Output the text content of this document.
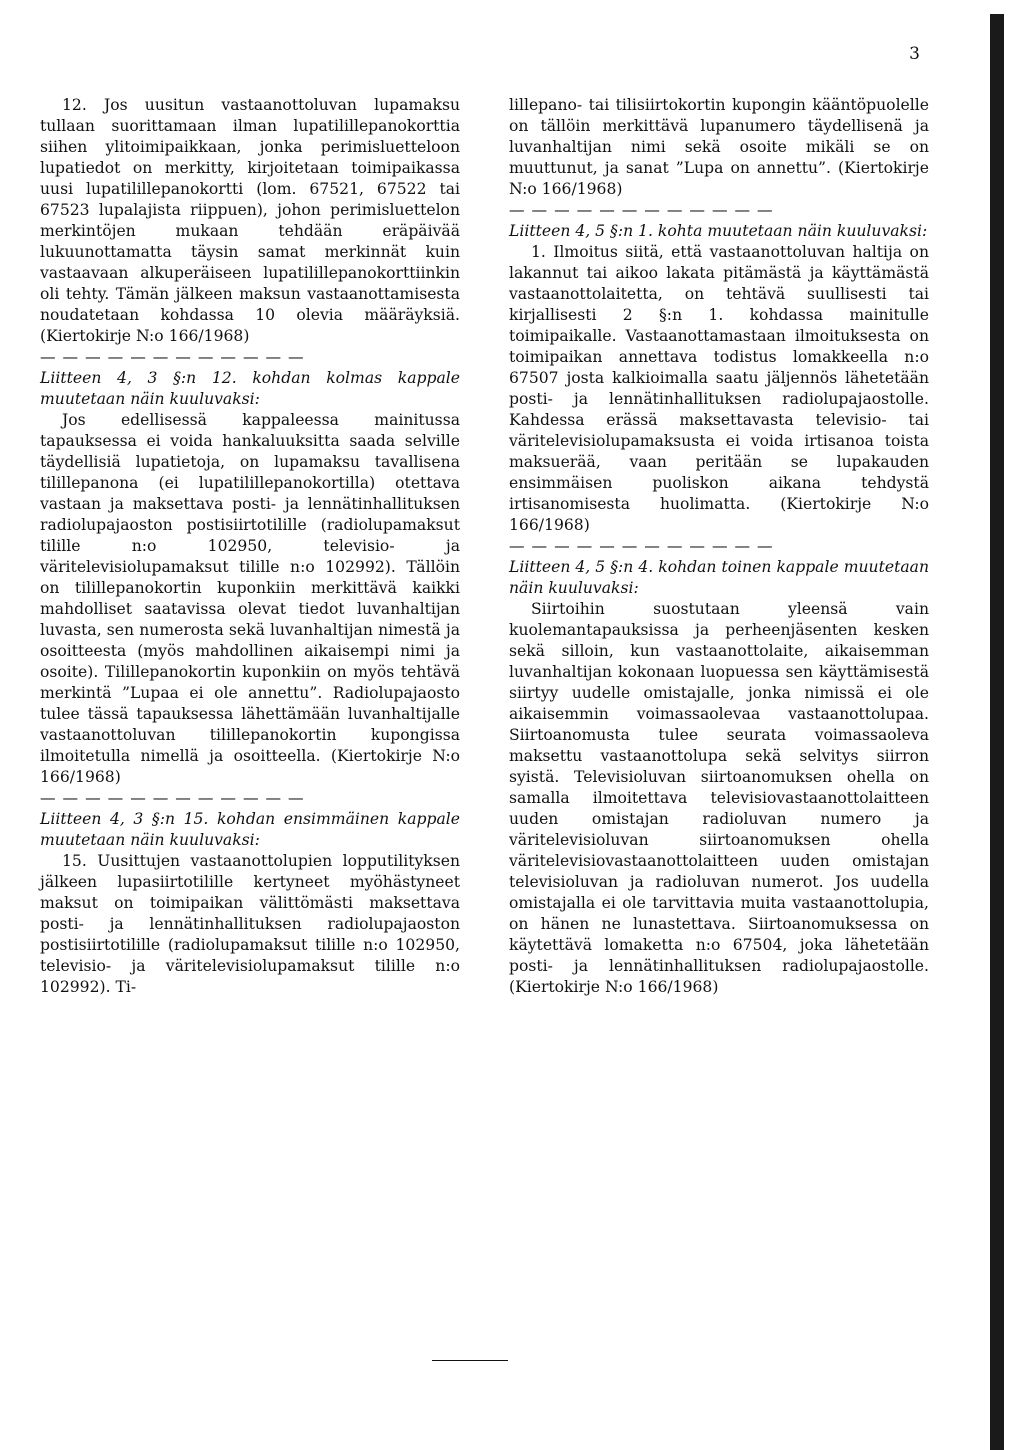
3

12. Jos uusitun vastaanottoluvan lupamaksu tullaan suorittamaan ilman lupatilillepanokorttia siihen ylitoimipaikkaan, jonka perimisluetteloon lupatiedot on merkitty, kirjoitetaan toimipaikassa uusi lupatilillepanokortti (lom. 67521, 67522 tai 67523 lupalajista riippuen), johon perimisluettelon merkintöjen mukaan tehdään eräpäivää lukuunottamatta täysin samat merkinnät kuin vastaavaan alkuperäiseen lupatilillepanokorttiinkin oli tehty. Tämän jälkeen maksun vastaanottamisesta noudatetaan kohdassa 10 olevia määräyksiä. (Kiertokirje N:o 166/1968)

— — — — — — — — — — — —

Liitteen 4, 3 §:n 12. kohdan kolmas kappale muutetaan näin kuuluvaksi:

Jos edellisessä kappaleessa mainitussa tapauksessa ei voida hankaluuksitta saada selville täydellisiä lupatietoja, on lupamaksu tavallisena tilillepanona (ei lupatilillepanokortilla) otettava vastaan ja maksettava posti- ja lennätinhallituksen radiolupajaoston postisiirtotilille (radiolupamaksut tilille n:o 102950, televisio- ja väritelevisiolupamaksut tilille n:o 102992). Tällöin on tilillepanokortin kuponkiin merkittävä kaikki mahdolliset saatavissa olevat tiedot luvanhaltijan luvasta, sen numerosta sekä luvanhaltijan nimestä ja osoitteesta (myös mahdollinen aikaisempi nimi ja osoite). Tilillepanokortin kuponkiin on myös tehtävä merkintä ”Lupaa ei ole annettu”. Radiolupajaosto tulee tässä tapauksessa lähettämään luvanhaltijalle vastaanottoluvan tilillepanokortin kupongissa ilmoitetulla nimellä ja osoitteella. (Kiertokirje N:o 166/1968)

— — — — — — — — — — — —

Liitteen 4, 3 §:n 15. kohdan ensimmäinen kappale muutetaan näin kuuluvaksi:

15. Uusittujen vastaanottolupien lopputilityksen jälkeen lupasiirtotilille kertyneet myöhästyneet maksut on toimipaikan välittömästi maksettava posti- ja lennätinhallituksen radiolupajaoston postisiirtotilille (radiolupamaksut tilille n:o 102950, televisio- ja väritelevisiolupamaksut tilille n:o 102992). Ti-

lillepano- tai tilisiirtokortin kupongin kääntöpuolelle on tällöin merkittävä lupanumero täydellisenä ja luvanhaltijan nimi sekä osoite mikäli se on muuttunut, ja sanat ”Lupa on annettu”. (Kiertokirje N:o 166/1968)

— — — — — — — — — — — —

Liitteen 4, 5 §:n 1. kohta muutetaan näin kuuluvaksi:

1. Ilmoitus siitä, että vastaanottoluvan haltija on lakannut tai aikoo lakata pitämästä ja käyttämästä vastaanottolaitetta, on tehtävä suullisesti tai kirjallisesti 2 §:n 1. kohdassa mainitulle toimipaikalle. Vastaanottamastaan ilmoituksesta on toimipaikan annettava todistus lomakkeella n:o 67507 josta kalkioimalla saatu jäljennös lähetetään posti- ja lennätinhallituksen radiolupajaostolle. Kahdessa erässä maksettavasta televisio- tai väritelevisiolupamaksusta ei voida irtisanoa toista maksuerää, vaan peritään se lupakauden ensimmäisen puoliskon aikana tehdystä irtisanomisesta huolimatta. (Kiertokirje N:o 166/1968)

— — — — — — — — — — — —

Liitteen 4, 5 §:n 4. kohdan toinen kappale muutetaan näin kuuluvaksi:

Siirtoihin suostutaan yleensä vain kuolemantapauksissa ja perheenjäsenten kesken sekä silloin, kun vastaanottolaite, aikaisemman luvanhaltijan kokonaan luopuessa sen käyttämisestä siirtyy uudelle omistajalle, jonka nimissä ei ole aikaisemmin voimassaolevaa vastaanottolupaa. Siirtoanomusta tulee seurata voimassaoleva maksettu vastaanottolupa sekä selvitys siirron syistä. Televisioluvan siirtoanomuksen ohella on samalla ilmoitettava televisiovastaanottolaitteen uuden omistajan radioluvan numero ja väritelevisioluvan siirtoanomuksen ohella väritelevisiovastaanottolaitteen uuden omistajan televisioluvan ja radioluvan numerot. Jos uudella omistajalla ei ole tarvittavia muita vastaanottolupia, on hänen ne lunastettava. Siirtoanomuksessa on käytettävä lomaketta n:o 67504, joka lähetetään posti- ja lennätinhallituksen radiolupajaostolle. (Kiertokirje N:o 166/1968)
